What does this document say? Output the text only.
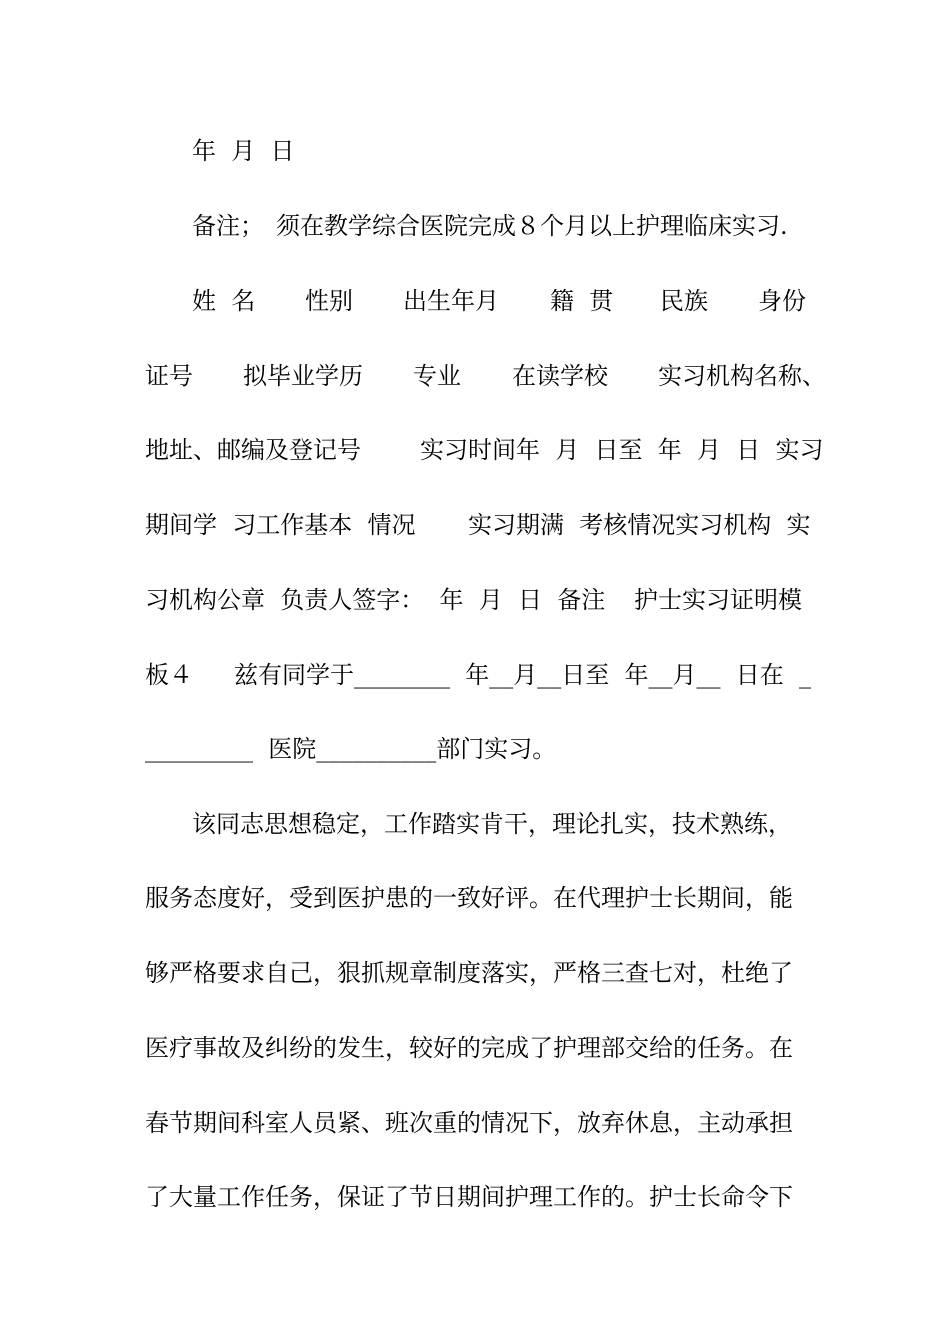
年  月  日

备注；

须在教学综合医院完成８个月以上护理临床实习.

姓  名

性别

出生年月

籍  贯

民族

身份

证号

拟毕业学历

专业

在读学校

实习机构名称、

地址、邮编及登记号

实习时间年  月  日至  年  月  日  实习

期间学  习工作基本  情况

实习期满  考核情况实习机构  实

习机构公章  负责人签字：  年  月  日  备注

护士实习证明模

板４

兹有同学于________  年__月__日至  年__月__  日在  _

_________  医院__________部门实习。

该同志思想稳定，工作踏实肯干，理论扎实，技术熟练，

服务态度好，受到医护患的一致好评。在代理护士长期间，能

够严格要求自己，狠抓规章制度落实，严格三查七对，杜绝了

医疗事故及纠纷的发生，较好的完成了护理部交给的任务。在

春节期间科室人员紧、班次重的情况下，放弃休息，主动承担

了大量工作任务，保证了节日期间护理工作的。护士长命令下
